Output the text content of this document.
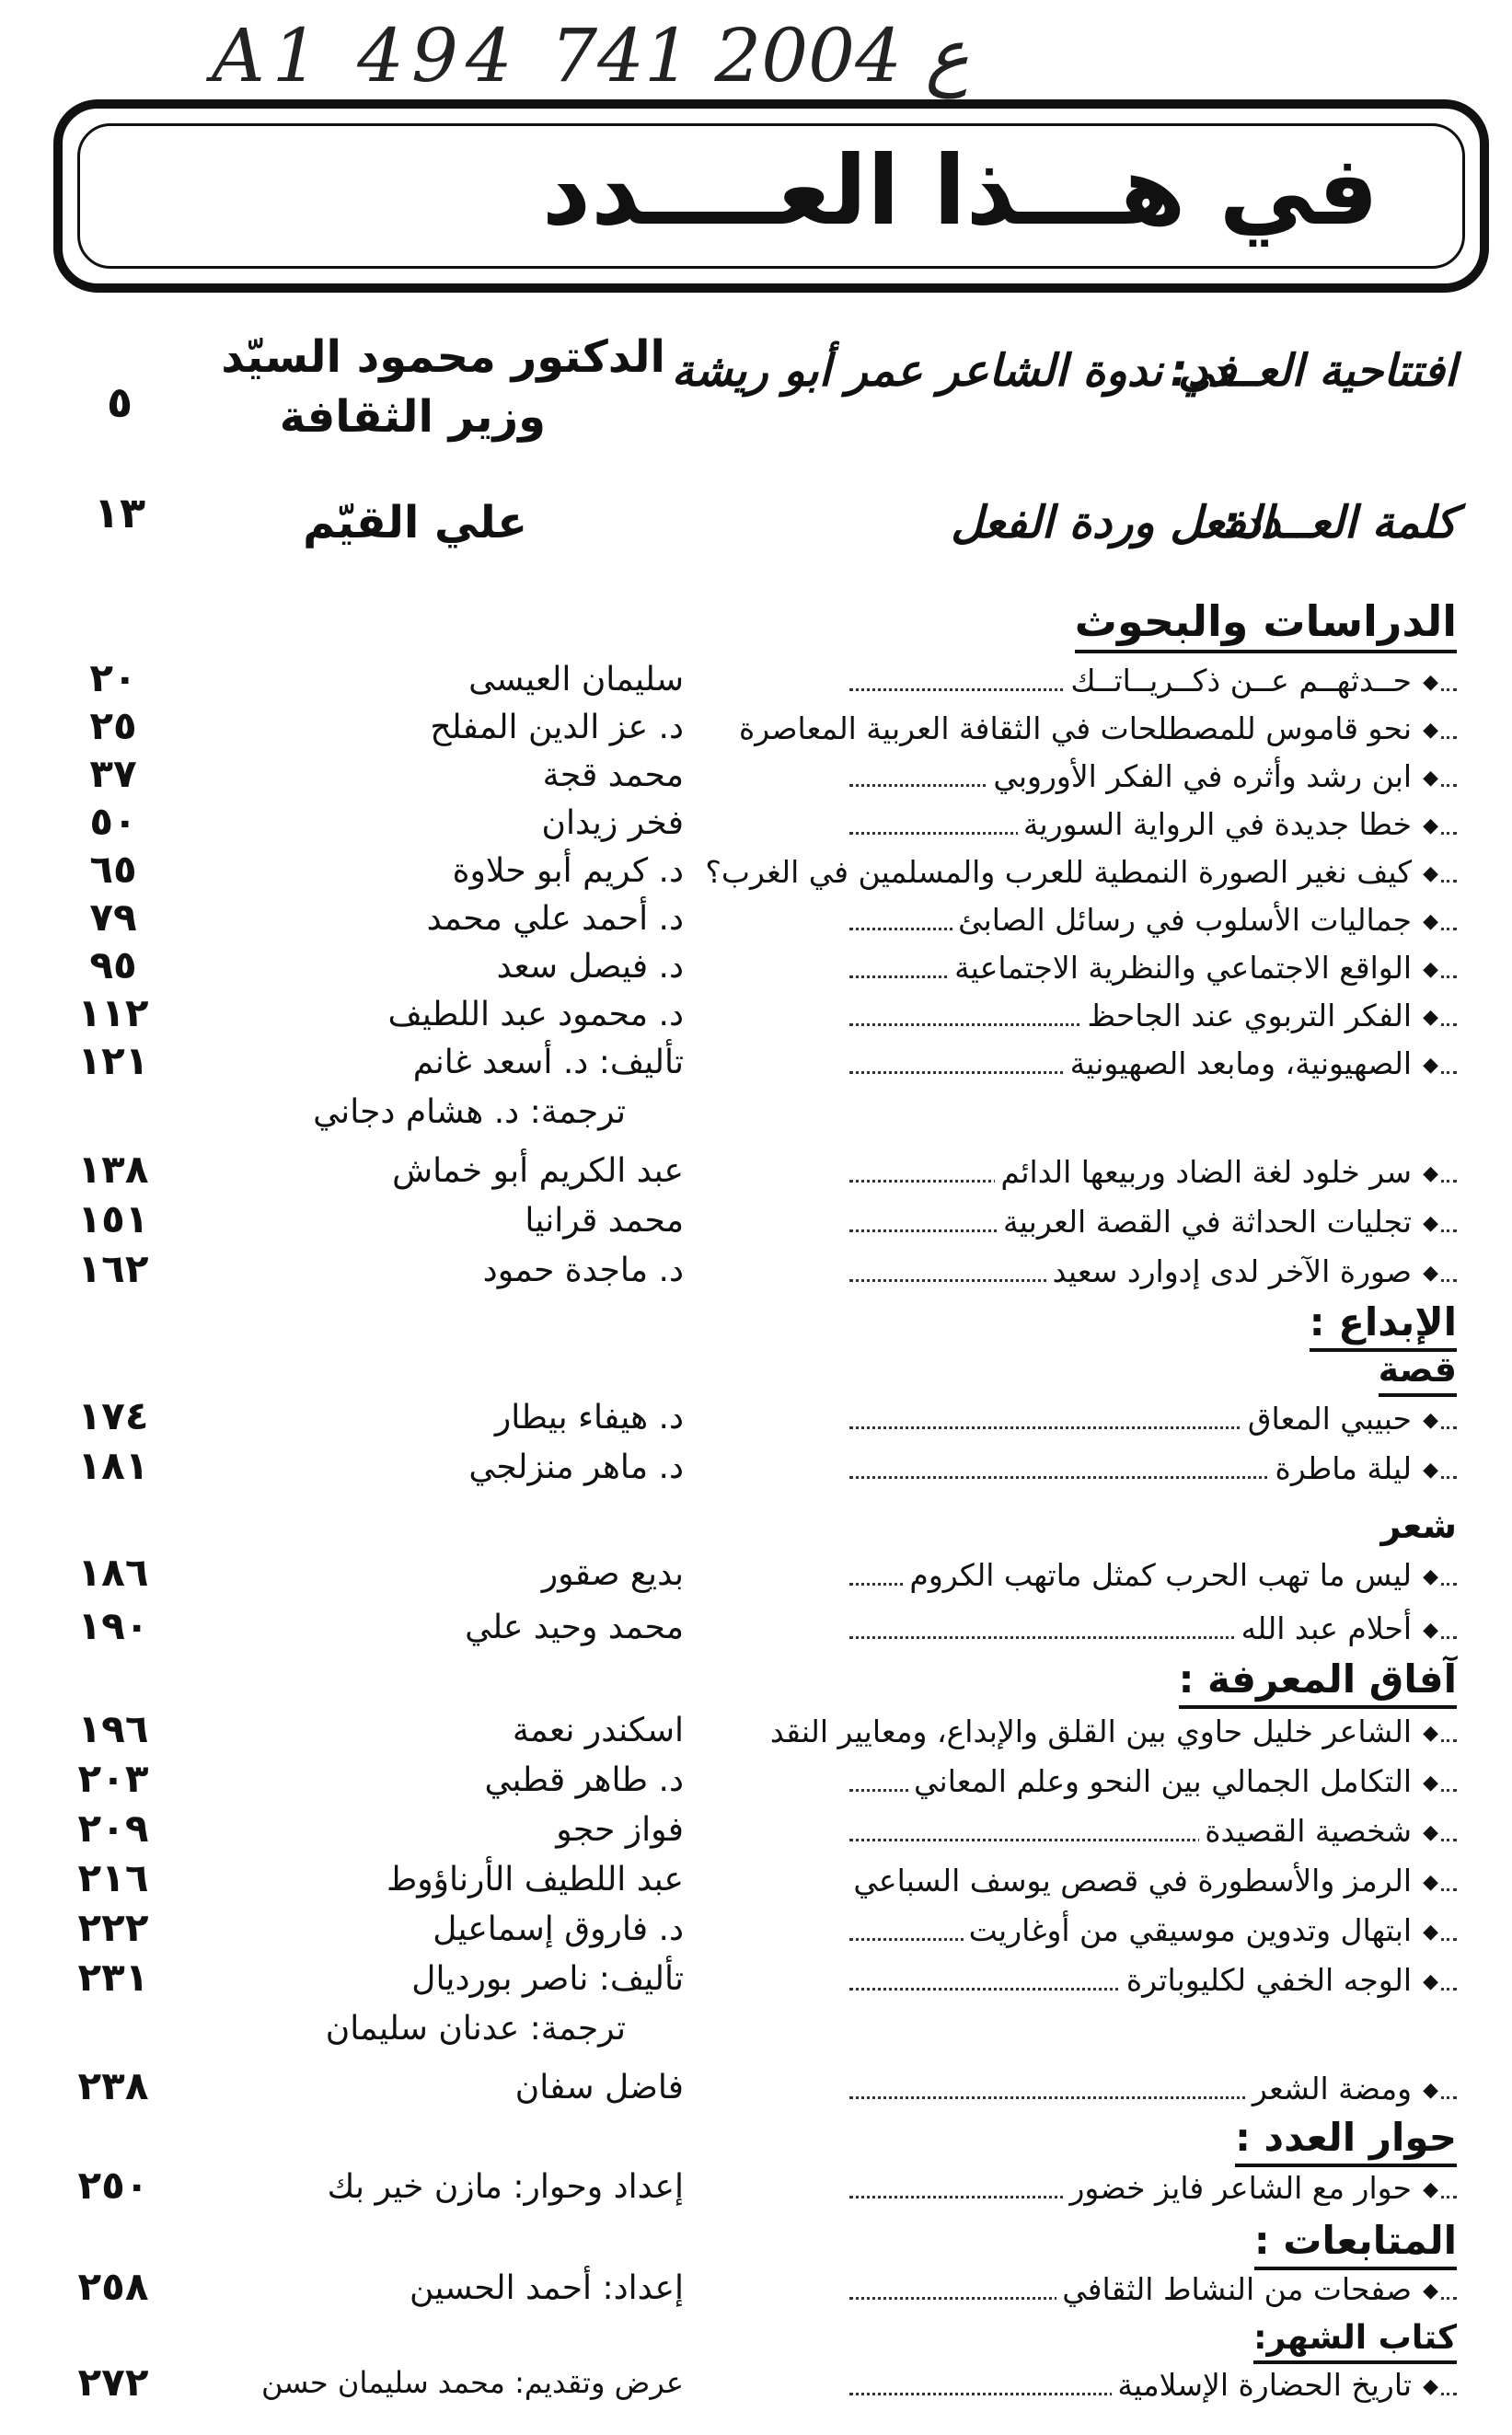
A1 494 ع 2004 741
في هـــذا العــــدد
افتتاحية العــدد:
في ندوة الشاعر عمر أبو ريشة
الدكتور محمود السيّد
وزير الثقافة
٥
كلمة العــدد:
الفعل وردة الفعل
علي القيّم
١٣
الدراسات والبحوث
◆ حــدثهــم عــن ذكــريــاتــك
سليمان العيسى
٢٠
◆ نحو قاموس للمصطلحات في الثقافة العربية المعاصرة
د. عز الدين المفلح
٢٥
◆ ابن رشد وأثره في الفكر الأوروبي
محمد قجة
٣٧
◆ خطا جديدة في الرواية السورية
فخر زيدان
٥٠
◆ كيف نغير الصورة النمطية للعرب والمسلمين في الغرب؟
د. كريم أبو حلاوة
٦٥
◆ جماليات الأسلوب في رسائل الصابئ
د. أحمد علي محمد
٧٩
◆ الواقع الاجتماعي والنظرية الاجتماعية
د. فيصل سعد
٩٥
◆ الفكر التربوي عند الجاحظ
د. محمود عبد اللطيف
١١٢
◆ الصهيونية، ومابعد الصهيونية
تأليف: د. أسعد غانم
١٢١
ترجمة: د. هشام دجاني
◆ سر خلود لغة الضاد وربيعها الدائم
عبد الكريم أبو خماش
١٣٨
◆ تجليات الحداثة في القصة العربية
محمد قرانيا
١٥١
◆ صورة الآخر لدى إدوارد سعيد
د. ماجدة حمود
١٦٢
الإبداع :
قصة
◆ حبيبي المعاق
د. هيفاء بيطار
١٧٤
◆ ليلة ماطرة
د. ماهر منزلجي
١٨١
شعر
◆ ليس ما تهب الحرب كمثل ماتهب الكروم
بديع صقور
١٨٦
◆ أحلام عبد الله
محمد وحيد علي
١٩٠
آفاق المعرفة :
◆ الشاعر خليل حاوي بين القلق والإبداع، ومعايير النقد
اسكندر نعمة
١٩٦
◆ التكامل الجمالي بين النحو وعلم المعاني
د. طاهر قطبي
٢٠٣
◆ شخصية القصيدة
فواز حجو
٢٠٩
◆ الرمز والأسطورة في قصص يوسف السباعي
عبد اللطيف الأرناؤوط
٢١٦
◆ ابتهال وتدوين موسيقي من أوغاريت
د. فاروق إسماعيل
٢٢٢
◆ الوجه الخفي لكليوباترة
تأليف: ناصر بورديال
٢٣١
ترجمة: عدنان سليمان
◆ ومضة الشعر
فاضل سفان
٢٣٨
حوار العدد :
◆ حوار مع الشاعر فايز خضور
إعداد وحوار: مازن خير بك
٢٥٠
المتابعات :
◆ صفحات من النشاط الثقافي
إعداد: أحمد الحسين
٢٥٨
كتاب الشهر:
◆ تاريخ الحضارة الإسلامية
عرض وتقديم: محمد سليمان حسن
٢٧٢
